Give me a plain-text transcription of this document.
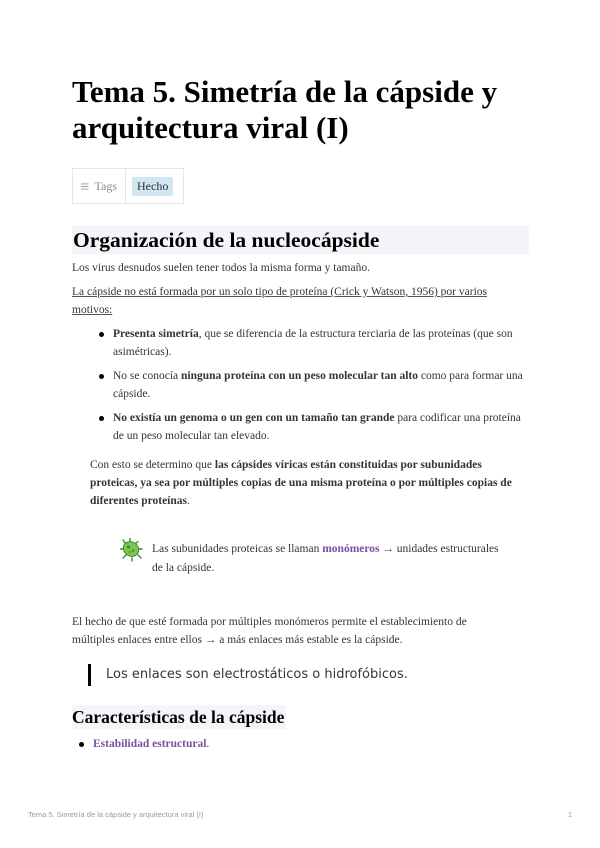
Tema 5. Simetría de la cápside y arquitectura viral (I)
Tags	Hecho
Organización de la nucleocápside

Los virus desnudos suelen tener todos la misma forma y tamaño.

La cápside no está formada por un solo tipo de proteína (Crick y Watson, 1956) por varios motivos:

Presenta simetría, que se diferencia de la estructura terciaria de las proteínas (que son asimétricas).
No se conocía ninguna proteína con un peso molecular tan alto como para formar una cápside.
No existía un genoma o un gen con un tamaño tan grande para codificar una proteína de un peso molecular tan elevado.

Con esto se determino que las cápsides víricas están constituidas por subunidades proteicas, ya sea por múltiples copias de una misma proteína o por múltiples copias de diferentes proteínas.

Las subunidades proteicas se llaman monómeros → unidades estructurales de la cápside.

El hecho de que esté formada por múltiples monómeros permite el establecimiento de múltiples enlaces entre ellos → a más enlaces más estable es la cápside.

Los enlaces son electrostáticos o hidrofóbicos.
Características de la cápside
Estabilidad estructural.
Tema 5. Simetría de la cápside y arquitectura viral (I)	1
